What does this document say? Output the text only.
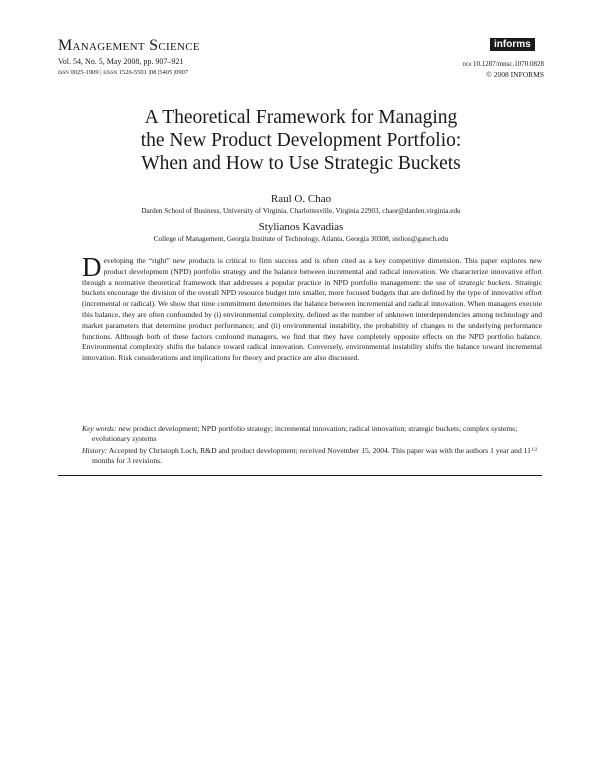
Management Science
Vol. 54, No. 5, May 2008, pp. 907–921
issn 0025-1909 | eissn 1526-5501 |08 |5405 |0907
informs
doi 10.1287/mnsc.1070.0828
© 2008 INFORMS
A Theoretical Framework for Managing
the New Product Development Portfolio:
When and How to Use Strategic Buckets
Raul O. Chao
Darden School of Business, University of Virginia, Charlottesville, Virginia 22903, chaor@darden.virginia.edu
Stylianos Kavadias
College of Management, Georgia Institute of Technology, Atlanta, Georgia 30308, stelios@gatech.edu

Developing the “right” new products is critical to firm success and is often cited as a key competitive dimension. This paper explores new product development (NPD) portfolio strategy and the balance between incremental and radical innovation. We characterize innovative effort through a normative theoretical framework that addresses a popular practice in NPD portfolio management: the use of strategic buckets. Strategic buckets encourage the division of the overall NPD resource budget into smaller, more focused budgets that are defined by the type of innovative effort (incremental or radical). We show that time commitment determines the balance between incremental and radical innovation. When managers execute this balance, they are often confounded by (i) environmental complexity, defined as the number of unknown interdependencies among technology and market parameters that determine product performance; and (ii) environmental instability, the probability of changes to the underlying performance functions. Although both of these factors confound managers, we find that they have completely opposite effects on the NPD portfolio balance. Environmental complexity shifts the balance toward radical innovation. Conversely, environmental instability shifts the balance toward incremental innovation. Risk considerations and implications for theory and practice are also discussed.

Key words: new product development; NPD portfolio strategy; incremental innovation; radical innovation; strategic buckets; complex systems; evolutionary systems
History: Accepted by Christoph Loch, R&D and product development; received November 15, 2004. This paper was with the authors 1 year and $11^{1/2}$ months for 3 revisions.
